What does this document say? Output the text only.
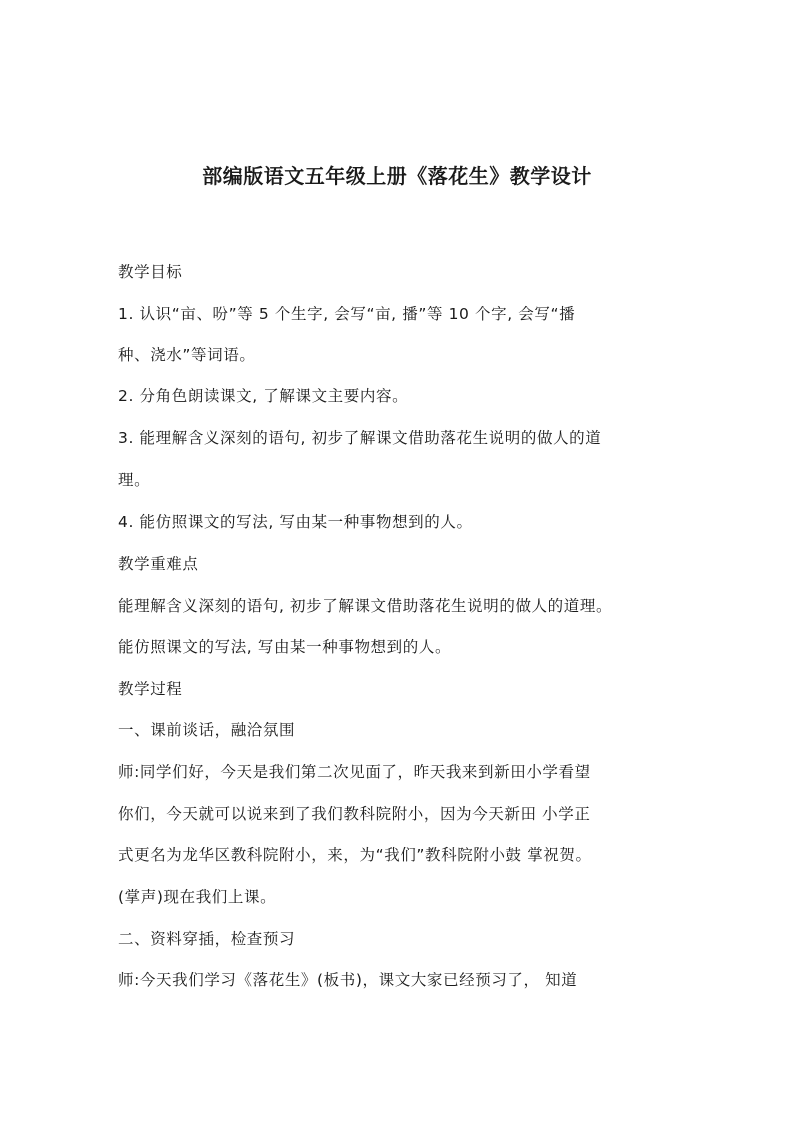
部编版语文五年级上册《落花生》教学设计
教学目标
1. 认识“亩、吩”等 5 个生字, 会写“亩, 播”等 10 个字, 会写“播
种、浇水”等词语。
2. 分角色朗读课文, 了解课文主要内容。
3. 能理解含义深刻的语句, 初步了解课文借助落花生说明的做人的道
理。
4. 能仿照课文的写法, 写由某一种事物想到的人。
教学重难点
能理解含义深刻的语句, 初步了解课文借助落花生说明的做人的道理。
能仿照课文的写法, 写由某一种事物想到的人。
教学过程
一、课前谈话，融洽氛围
师:同学们好，今天是我们第二次见面了，昨天我来到新田小学看望
你们，今天就可以说来到了我们教科院附小，因为今天新田 小学正
式更名为龙华区教科院附小，来，为“我们”教科院附小鼓 掌祝贺。
(掌声)现在我们上课。
二、资料穿插，检查预习
师:今天我们学习《落花生》(板书)，课文大家已经预习了， 知道
